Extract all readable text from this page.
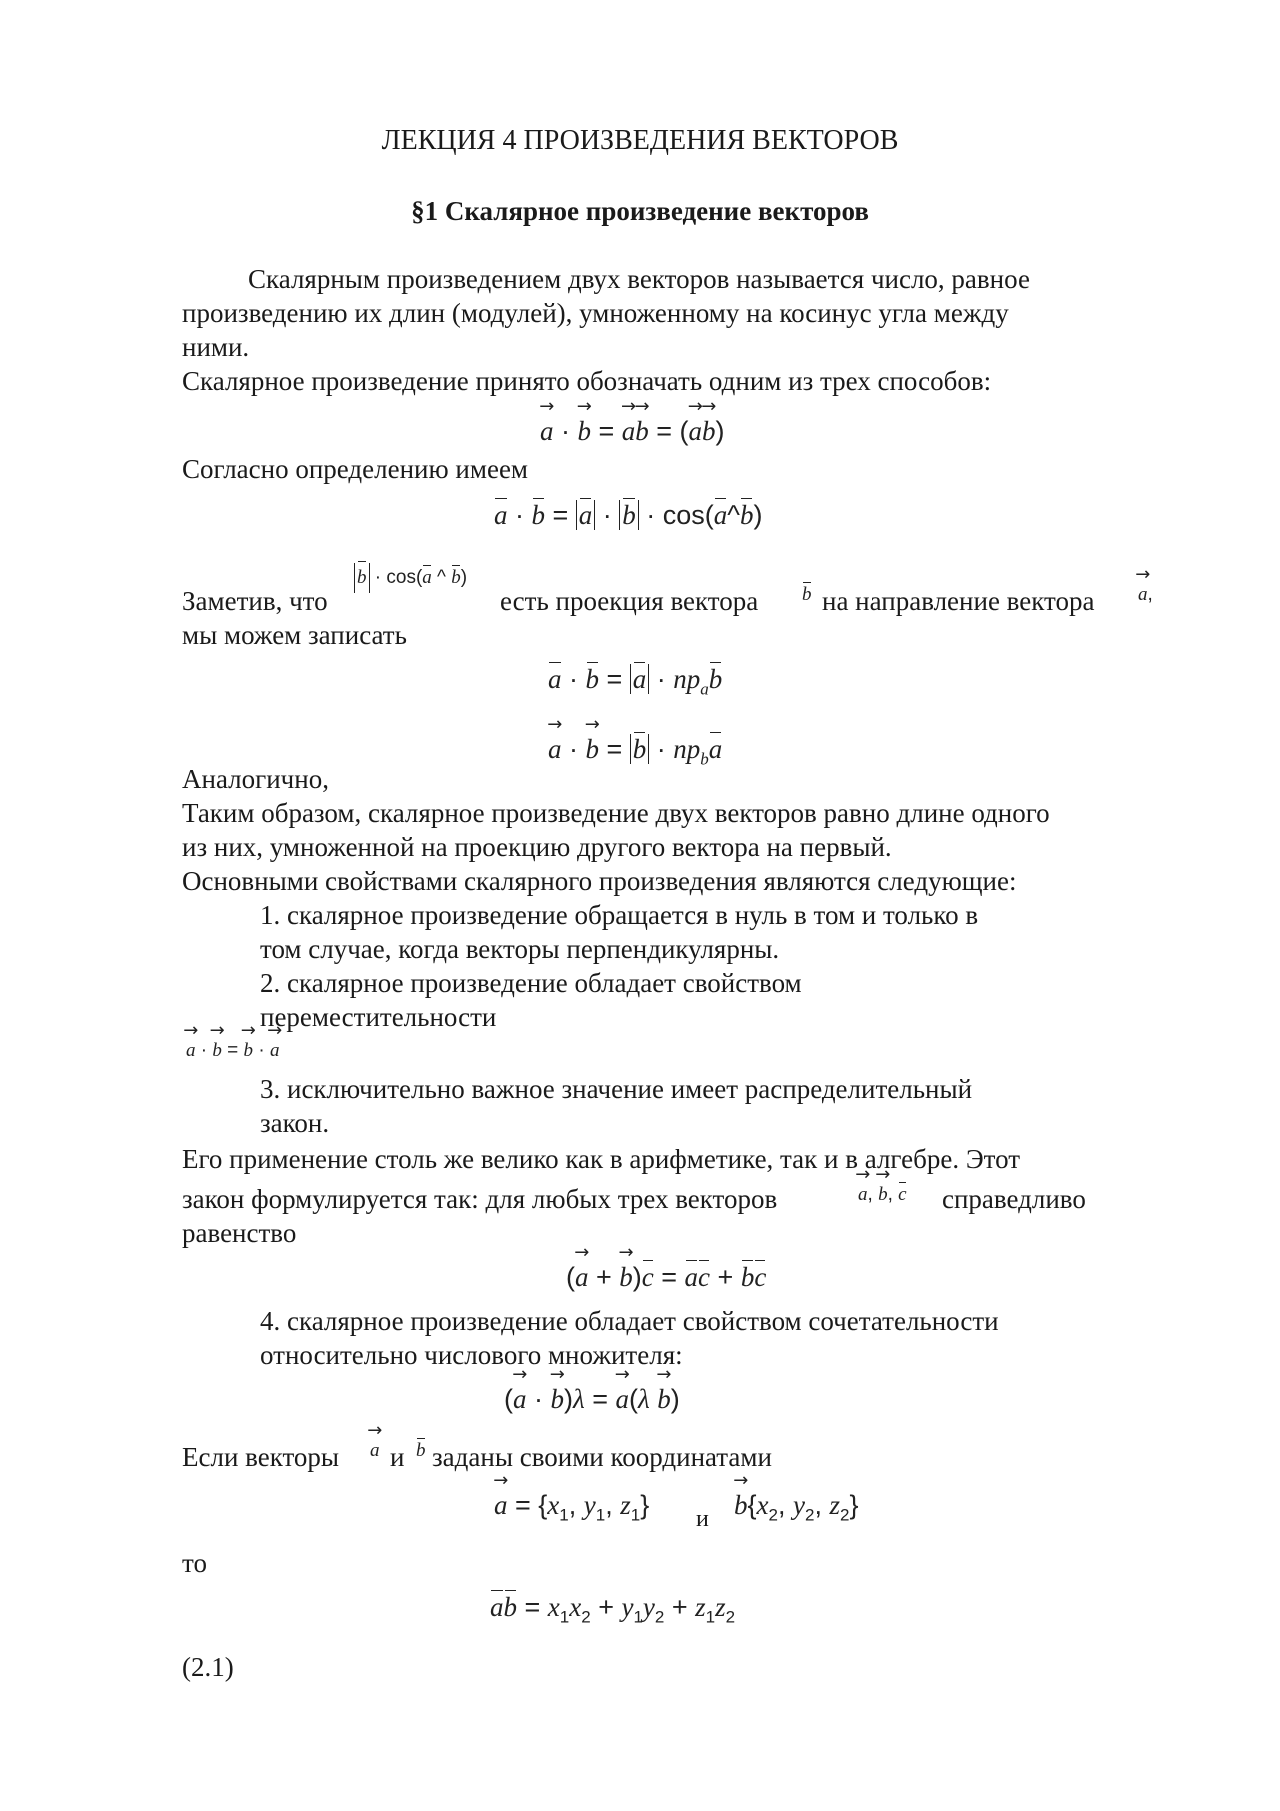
ЛЕКЦИЯ 4 ПРОИЗВЕДЕНИЯ ВЕКТОРОВ
§1 Скалярное произведение векторов
Скалярным произведением двух векторов называется число, равное
произведению их длин (модулей), умноженному на косинус угла между
ними.
Скалярное произведение принято обозначать одним из трех способов:
→ a · → b = → a→ b = (→ a→ b)
Согласно определению имеем
a · b = a · b · cos(a^b)
b · cos(a ^ b)
Заметив, что	есть проекция вектора b на направление вектора
→ a,
мы можем записать
$a \cdot b = a \cdot пр_ab$
→ a · → $b = b \cdot пр_ba$
Аналогично,
Таким образом, скалярное произведение двух векторов равно длине одного
из них, умноженной на проекцию другого вектора на первый.
Основными свойствами скалярного произведения являются следующие:
1. скалярное произведение обращается в нуль в том и только в
том случае, когда векторы перпендикулярны.
2. скалярное произведение обладает свойством
переместительности
→ a · → b = → b · → a
3. исключительно важное значение имеет распределительный
закон.
Его применение столь же велико как в арифметике, так и в алгебре. Этот
закон формулируется так: для любых трех векторов
→	a, → b, c справедливо
равенство
(→ a + → b)c = ac + bc
4. скалярное произведение обладает свойством сочетательности
относительно числового множителя:
(→ a · → b)λ = → a(λ → b)
Если векторы
→ a и b заданы своими координатами
→ $a = \{x_1$, $y_1$, $z_1$} и
→ $b\{x_2$, $y_2$, $z_2$}
то
ab = $x_1x_2 + y_1y_2 + z_1z_2$
(2.1)
